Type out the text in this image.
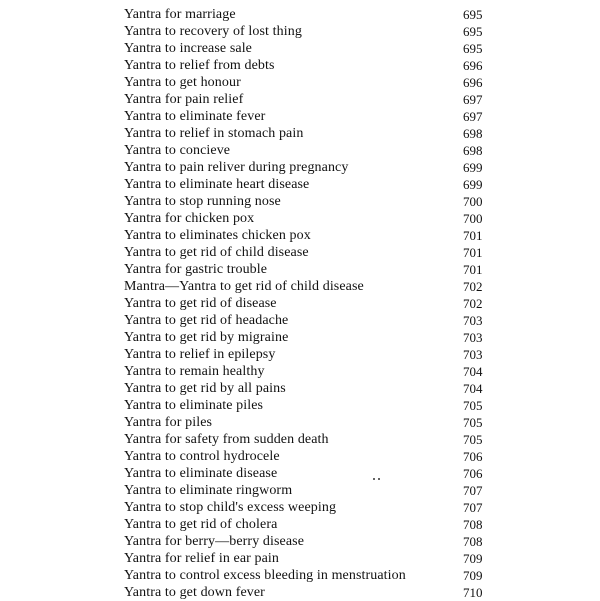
Yantra for marriage	695
Yantra to recovery of lost thing	695
Yantra to increase sale	695
Yantra to relief from debts	696
Yantra to get honour	696
Yantra for pain relief	697
Yantra to eliminate fever	697
Yantra to relief in stomach pain	698
Yantra to concieve	698
Yantra to pain reliver during pregnancy	699
Yantra to eliminate heart disease	699
Yantra to stop running nose	700
Yantra for chicken pox	700
Yantra to eliminates chicken pox	701
Yantra to get rid of child disease	701
Yantra for gastric trouble	701
Mantra—Yantra to get rid of child disease	702
Yantra to get rid of disease	702
Yantra to get rid of headache	703
Yantra to get rid by migraine	703
Yantra to relief in epilepsy	703
Yantra to remain healthy	704
Yantra to get rid by all pains	704
Yantra to eliminate piles	705
Yantra for piles	705
Yantra for safety from sudden death	705
Yantra to control hydrocele	706
Yantra to eliminate disease	706
Yantra to eliminate ringworm	707
Yantra to stop child's excess weeping	707
Yantra to get rid of cholera	708
Yantra for berry—berry disease	708
Yantra for relief in ear pain	709
Yantra to control excess bleeding in menstruation	709
Yantra to get down fever	710
